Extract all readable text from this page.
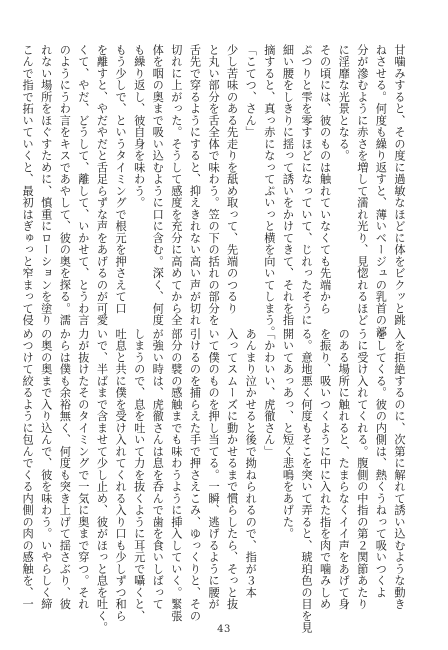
甘噛みすると、その度に過敏なほどに体をビクッと跳
ねさせる。何度も繰り返すと、薄いベージュの乳首の部
分が滲むように赤さを増して濡れ光り、見惚れるほど
に淫靡な光景となる。
その頃には、彼のものは触れていなくても先端から
ぷつりと雫を零すほどになっていて、じれったそうに
細い腰をしきりに揺って誘いをかけてきて、それを指
摘すると、真っ赤になってぷいっと横を向いてしまう。
「こてつ、さん」
少し苦味のある先走りを舐め取って、先端のつるり
と丸い部分を舌全体で味わう。笠の下の括れの部分を
舌先で穿るようにすると、抑えきれない高い声が切れ
切れに上がった。そうして感度を充分に高めてから全
体を咽の奥まで吸い込むように口に含む。深く、何度
も繰り返し、彼自身を味わう。
もう少しで、というタイミングで根元を押さえて口
を離すと、やだやだと舌足らずな声をあげるのが可愛
くて、やだ、どうして、離して、いかせて、とうわ言
のようにうわ言をキスであやして、彼の奥を探る。濡
れない場所をほぐすために、慎重にローションを塗り
こんで指で拓いていくと、最初はぎゅっと窄まって侵
入を拒絶するのに、次第に解れて誘い込むような動き
をしてくる。彼の内側は、熱くうねって吸いつくよ
うに受け入れてくれる。腹側の中指の第２関節あたり
のある場所に触れると、たまらなくイイ声をあげて身
を振り、吸いつくように中に入れた指を肉で噛みしめ
る。意地悪く何度もそこを突いて弄ると、琥珀色の目を見
開いてあっあっ、と短く悲鳴をあげた。
「かわいい、虎徹さん」
あんまり泣かせると後で拗ねられるので、指が３本
入ってスムーズに動かせるまで慣らしたら、そっと抜
いて僕のものを押し当てる。一瞬、逃げるように腰が
引けるのを捕らえた手で押さえこみ、ゆっくりと、その
部分の襞の感触までも味わうように挿入していく。緊張
が強い時は、虎徹さんは息を呑んで歯を食いしばって
しまうので、息を吐いて力を抜くように耳元で囁くと、
吐息と共に僕を受け入れてくれる入り口も少しずつ和ら
いで、半ばまで含ませて少し止め、彼がほっと息を吐く。
力が抜けたそのタイミングで一気に奥まで穿つ。それ
からは僕も余裕無く、何度も突き上げて揺さぶり、彼
の奥の奥まで入り込んで、彼を味わう。いやらしく締
めつけて絞るように包んでくる内側の肉の感触を、一
43
